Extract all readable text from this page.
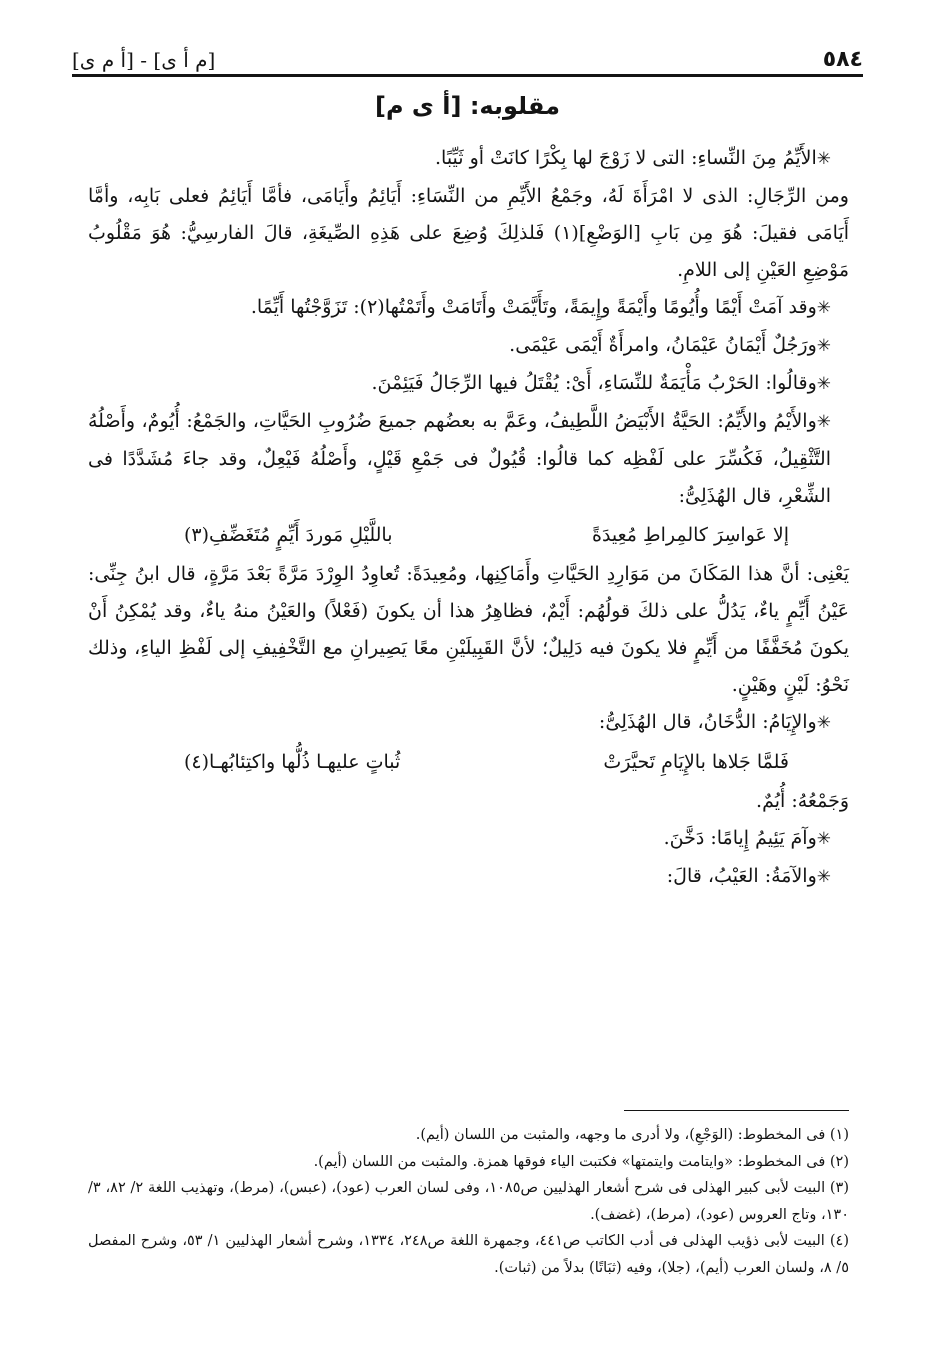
٥٨٤
[م أ ى] - [أ م ى]
مقلوبه: [أ ى م]

✳ الأَيِّمُ مِنَ النِّساءِ: التى لا زَوْجَ لها بِكْرًا كانَتْ أو ثَيِّبًا.

ومن الرِّجَالِ: الذى لا امْرَأَةَ لَهُ، وجَمْعُ الأَيِّمِ من النِّسَاءِ: أَيَائِمُ وأَيَامَى، فأمَّا أَيَائِمُ فعلى بَابِه، وأمَّا أَيَامَى فقيلَ: هُوَ مِن بَابِ [الوَضْعِ](١) فَلذلِكَ وُضِعَ على هَذِهِ الصِّيغَةِ، قالَ الفارسِيُّ: هُوَ مَقْلُوبُ مَوْضِعِ العَيْنِ إلى اللامِ.

✳ وقد آمَتْ أَيْمًا وأُيُومًا وأَيْمَةً وإِيمَةً، وتَأَيَّمَتْ وأَتَامَتْ وأَتَمْتُها(٢): تَزَوَّجْتُها أَيِّمًا.

✳ ورَجُلٌ أَيْمَانُ عَيْمَانُ، وامرأَةٌ أَيْمَى عَيْمَى.

✳ وقالُوا: الحَرْبُ مَأْيَمَةٌ للنِّسَاءِ، أَىْ: يُقْتَلُ فيها الرِّجَالُ فَيَئِمْنَ.

✳ والأَيْمُ والأَيِّمُ: الحَيَّةُ الأَبْيَضُ اللَّطِيفُ، وعَمَّ به بعضُهم جميعَ ضُرُوبِ الحَيَّاتِ، والجَمْعُ: أُيُومٌ، وأَصْلُهُ التَّثْقِيلُ، فَكُسِّرَ على لَفْظِه كما قالُوا: قُيُولٌ فى جَمْعِ قَيْلٍ، وأَصْلُهُ فَيْعِلٌ، وقد جاءَ مُشَدَّدًا فى الشِّعْرِ، قال الهُذَلِىُّ:

إلا عَواسِرَ كالمِراطِ مُعِيدَةً
باللَّيْلِ مَوردَ أَيِّمٍ مُتَغَضِّفِ(٣)

يَعْنِى: أنَّ هذا المَكَانَ من مَوَارِدِ الحَيَّاتِ وأَمَاكِنِها، ومُعِيدَةً: تُعاوِدُ الوِرْدَ مَرَّةً بَعْدَ مَرَّةٍ، قال ابنُ جِنِّى: عَيْنُ أَيِّمٍ ياءٌ، يَدُلُّ على ذلكَ قولُهُم: أَيْمٌ، فظاهِرُ هذا أن يكونَ (فَعْلاً) والعَيْنُ منهُ ياءٌ، وقد يُمْكِنُ أَنْ يكونَ مُخَفَّفًا من أَيِّمٍ فلا يكونَ فيه دَلِيلٌ؛ لأنَّ القَبِيلَيْنِ معًا يَصِيرانِ مع التَّخْفِيفِ إلى لَفْظِ الياءِ، وذلك نَحْوُ: لَيْنٍ وهَيْنٍ.

✳ والإِيَامُ: الدُّخَانُ، قال الهُذَلِىُّ:

فَلمَّا جَلاها بالإِيَامِ تَحيَّرَتْ
ثُباتٍ عليهـا ذُلُّها واكتِئابُهـا(٤)

وَجَمْعُهُ: أُيُمٌ.

✳ وآمَ يَئِيمُ إِيامًا: دَخَّنَ.

✳ والآمَةُ: العَيْبُ، قالَ:

(١) فى المخطوط: (الوَجْعِ)، ولا أدرى ما وجهه، والمثبت من اللسان (أيم).

(٢) فى المخطوط: «وايتامت وايتمتها» فكتبت الياء فوقها همزة. والمثبت من اللسان (أيم).

(٣) البيت لأبى كبير الهذلى فى شرح أشعار الهذليين ص١٠٨٥، وفى لسان العرب (عود)، (عبس)، (مرط)، وتهذيب اللغة ٢/ ٨٢، ٣/ ١٣٠، وتاج العروس (عود)، (مرط)، (غضف).

(٤) البيت لأبى ذؤيب الهذلى فى أدب الكاتب ص٤٤١، وجمهرة اللغة ص٢٤٨، ١٣٣٤، وشرح أشعار الهذليين ١/ ٥٣، وشرح المفصل ٥/ ٨، ولسان العرب (أيم)، (جلا)، وفيه (ثبَاتًا) بدلاً من (ثبات).
